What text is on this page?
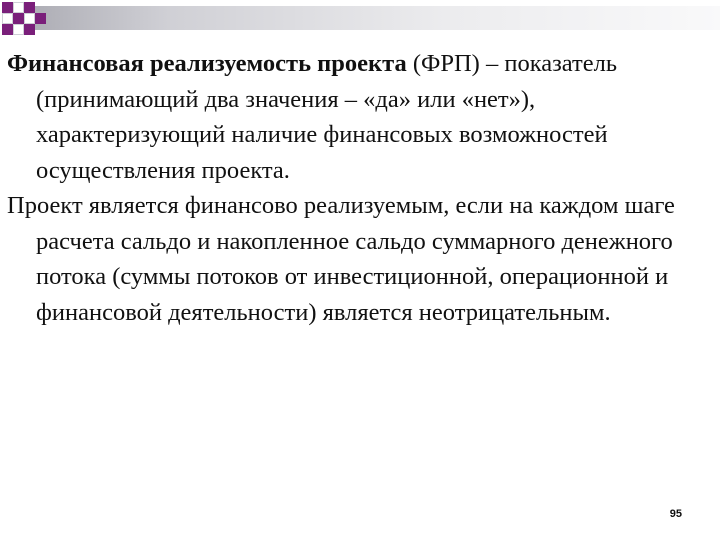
Финансовая реализуемость проекта (ФРП) – показатель (принимающий два значения – «да» или «нет»), характеризующий наличие финансовых возможностей осуществления проекта.

Проект является финансово реализуемым, если на каждом шаге расчета сальдо и накопленное сальдо суммарного денежного потока (суммы потоков от инвестиционной, операционной и финансовой деятельности) является неотрицательным.

95
